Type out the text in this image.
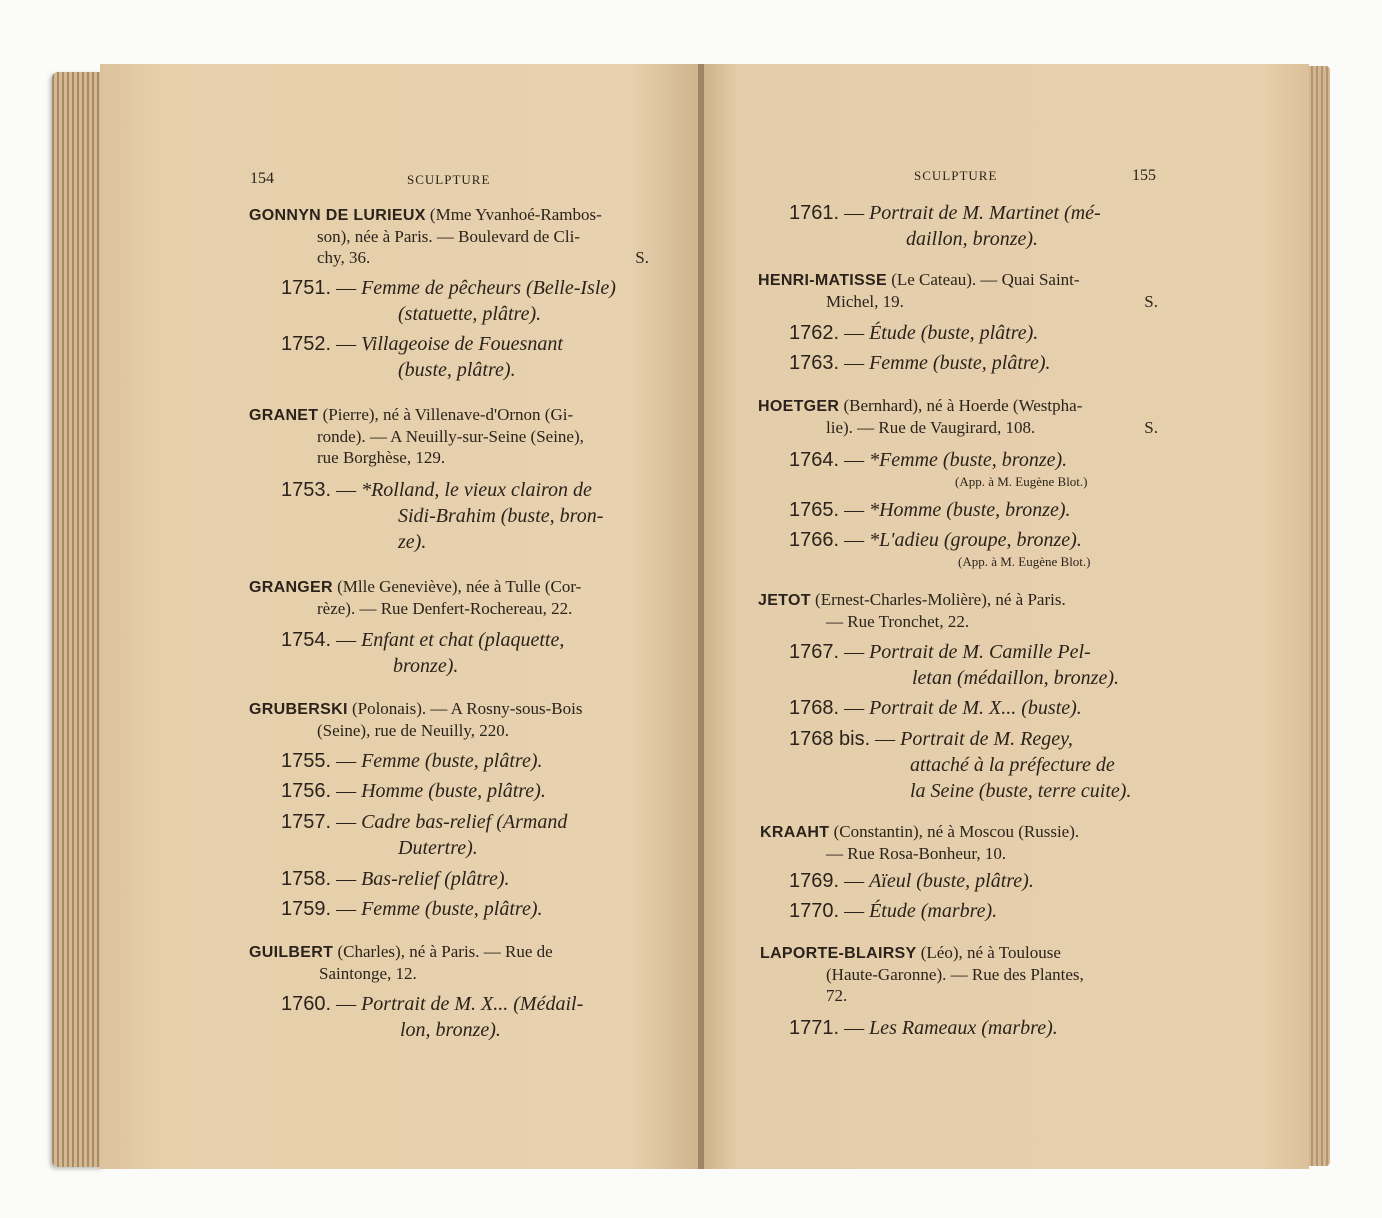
154	SCULPTURE
GONNYN DE LURIEUX (Mme Yvanhoé-Rambos-
son), née à Paris. — Boulevard de Cli-
chy, 36.	S.
1751. — Femme de pêcheurs (Belle-Isle)
(statuette, plâtre).
1752. — Villageoise de Fouesnant
(buste, plâtre).
GRANET (Pierre), né à Villenave-d'Ornon (Gi-
ronde). — A Neuilly-sur-Seine (Seine),
rue Borghèse, 129.
1753. — *Rolland, le vieux clairon de
Sidi-Brahim (buste, bron-
ze).
GRANGER (Mlle Geneviève), née à Tulle (Cor-
rèze). — Rue Denfert-Rochereau, 22.
1754. — Enfant et chat (plaquette,
bronze).
GRUBERSKI (Polonais). — A Rosny-sous-Bois
(Seine), rue de Neuilly, 220.
1755. — Femme (buste, plâtre).
1756. — Homme (buste, plâtre).
1757. — Cadre bas-relief (Armand
Dutertre).
1758. — Bas-relief (plâtre).
1759. — Femme (buste, plâtre).
GUILBERT (Charles), né à Paris. — Rue de
Saintonge, 12.
1760. — Portrait de M. X... (Médail-
lon, bronze).
SCULPTURE	155
1761. — Portrait de M. Martinet (mé-
daillon, bronze).
HENRI-MATISSE (Le Cateau). — Quai Saint-
Michel, 19.	S.
1762. — Étude (buste, plâtre).
1763. — Femme (buste, plâtre).
HOETGER (Bernhard), né à Hoerde (Westpha-
lie). — Rue de Vaugirard, 108.	S.
1764. — *Femme (buste, bronze).
(App. à M. Eugène Blot.)
1765. — *Homme (buste, bronze).
1766. — *L'adieu (groupe, bronze).
(App. à M. Eugène Blot.)
JETOT (Ernest-Charles-Molière), né à Paris.
— Rue Tronchet, 22.
1767. — Portrait de M. Camille Pel-
letan (médaillon, bronze).
1768. — Portrait de M. X... (buste).
1768 bis. — Portrait de M. Regey,
attaché à la préfecture de
la Seine (buste, terre cuite).
KRAAHT (Constantin), né à Moscou (Russie).
— Rue Rosa-Bonheur, 10.
1769. — Aïeul (buste, plâtre).
1770. — Étude (marbre).
LAPORTE-BLAIRSY (Léo), né à Toulouse
(Haute-Garonne). — Rue des Plantes,
72.
1771. — Les Rameaux (marbre).
